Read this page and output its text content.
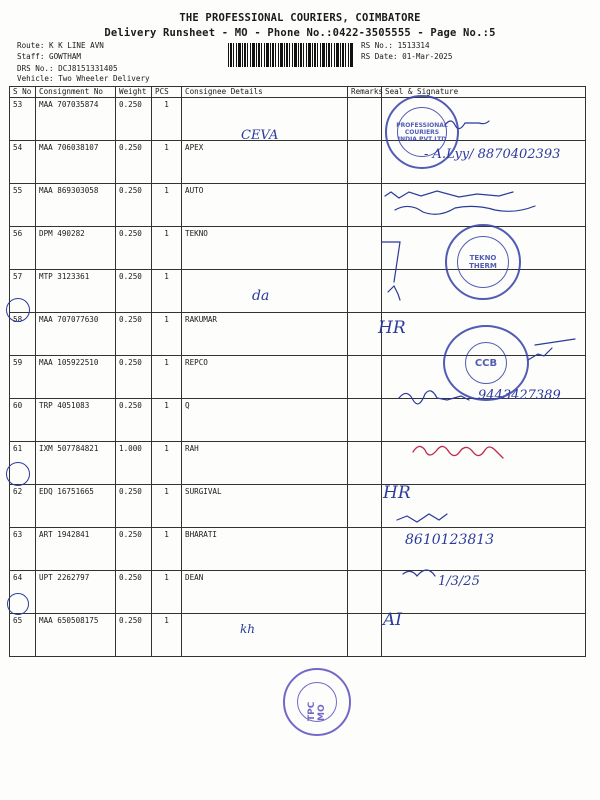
THE PROFESSIONAL COURIERS, COIMBATORE
Delivery Runsheet - MO - Phone No.:0422-3505555 - Page No.:5
Route: K K LINE AVN
Staff: GOWTHAM
DRS No.: DCJ8151331405
Vehicle: Two Wheeler Delivery
RS No.: 1513314
RS Date: 01-Mar-2025
S No	Consignment No	Weight	PCS	Consignee Details	Remarks	Seal & Signature
53	MAA 707035874	0.250	1			
54	MAA 706038107	0.250	1	APEX		
55	MAA 869303058	0.250	1	AUTO		
56	DPM 490282	0.250	1	TEKNO		
57	MTP 3123361	0.250	1			
58	MAA 707077630	0.250	1	RAKUMAR		
59	MAA 105922510	0.250	1	REPCO		
60	TRP 4051083	0.250	1	Q		
61	IXM 507784821	1.000	1	RAH		
62	EDQ 16751665	0.250	1	SURGIVAL		
63	ART 1942841	0.250	1	BHARATI		
64	UPT 2262797	0.250	1	DEAN		
65	MAA 650508175	0.250	1			
CEVA
- A.Lyy/ 8870402393
da
HR
9443427389
HR
8610123813
1/3/25
kh	AI
PROFESSIONAL COURIERS INDIA PVT LTD
TEKNO THERM
CCB
TPC MO
